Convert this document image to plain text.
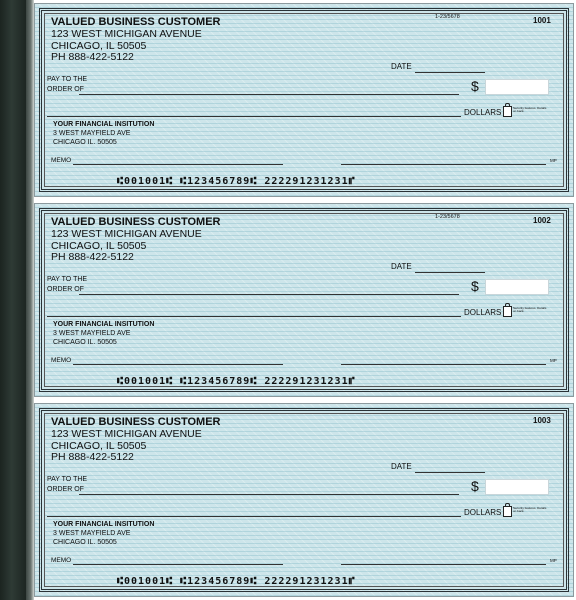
VALUED BUSINESS CUSTOMER
123 WEST MICHIGAN AVENUE
CHICAGO, IL 50505
PH 888-422-5122
1-23/5678	1001
DATE
PAY TO THE
ORDER OF	$
DOLLARS	Security features. Details on back.
YOUR FINANCIAL INSITUTION
3 WEST MAYFIELD AVE
CHICAGO IL. 50505
MEMO	MP
⑆001001⑆ ⑆123456789⑆ 222291231231⑈
VALUED BUSINESS CUSTOMER
123 WEST MICHIGAN AVENUE
CHICAGO, IL 50505
PH 888-422-5122
1-23/5678	1002
DATE
PAY TO THE
ORDER OF	$
DOLLARS	Security features. Details on back.
YOUR FINANCIAL INSITUTION
3 WEST MAYFIELD AVE
CHICAGO IL. 50505
MEMO	MP
⑆001001⑆ ⑆123456789⑆ 222291231231⑈
VALUED BUSINESS CUSTOMER
123 WEST MICHIGAN AVENUE
CHICAGO, IL 50505
PH 888-422-5122
1003
DATE
PAY TO THE
ORDER OF	$
DOLLARS	Security features. Details on back.
YOUR FINANCIAL INSITUTION
3 WEST MAYFIELD AVE
CHICAGO IL. 50505
MEMO	MP
⑆001001⑆ ⑆123456789⑆ 222291231231⑈
